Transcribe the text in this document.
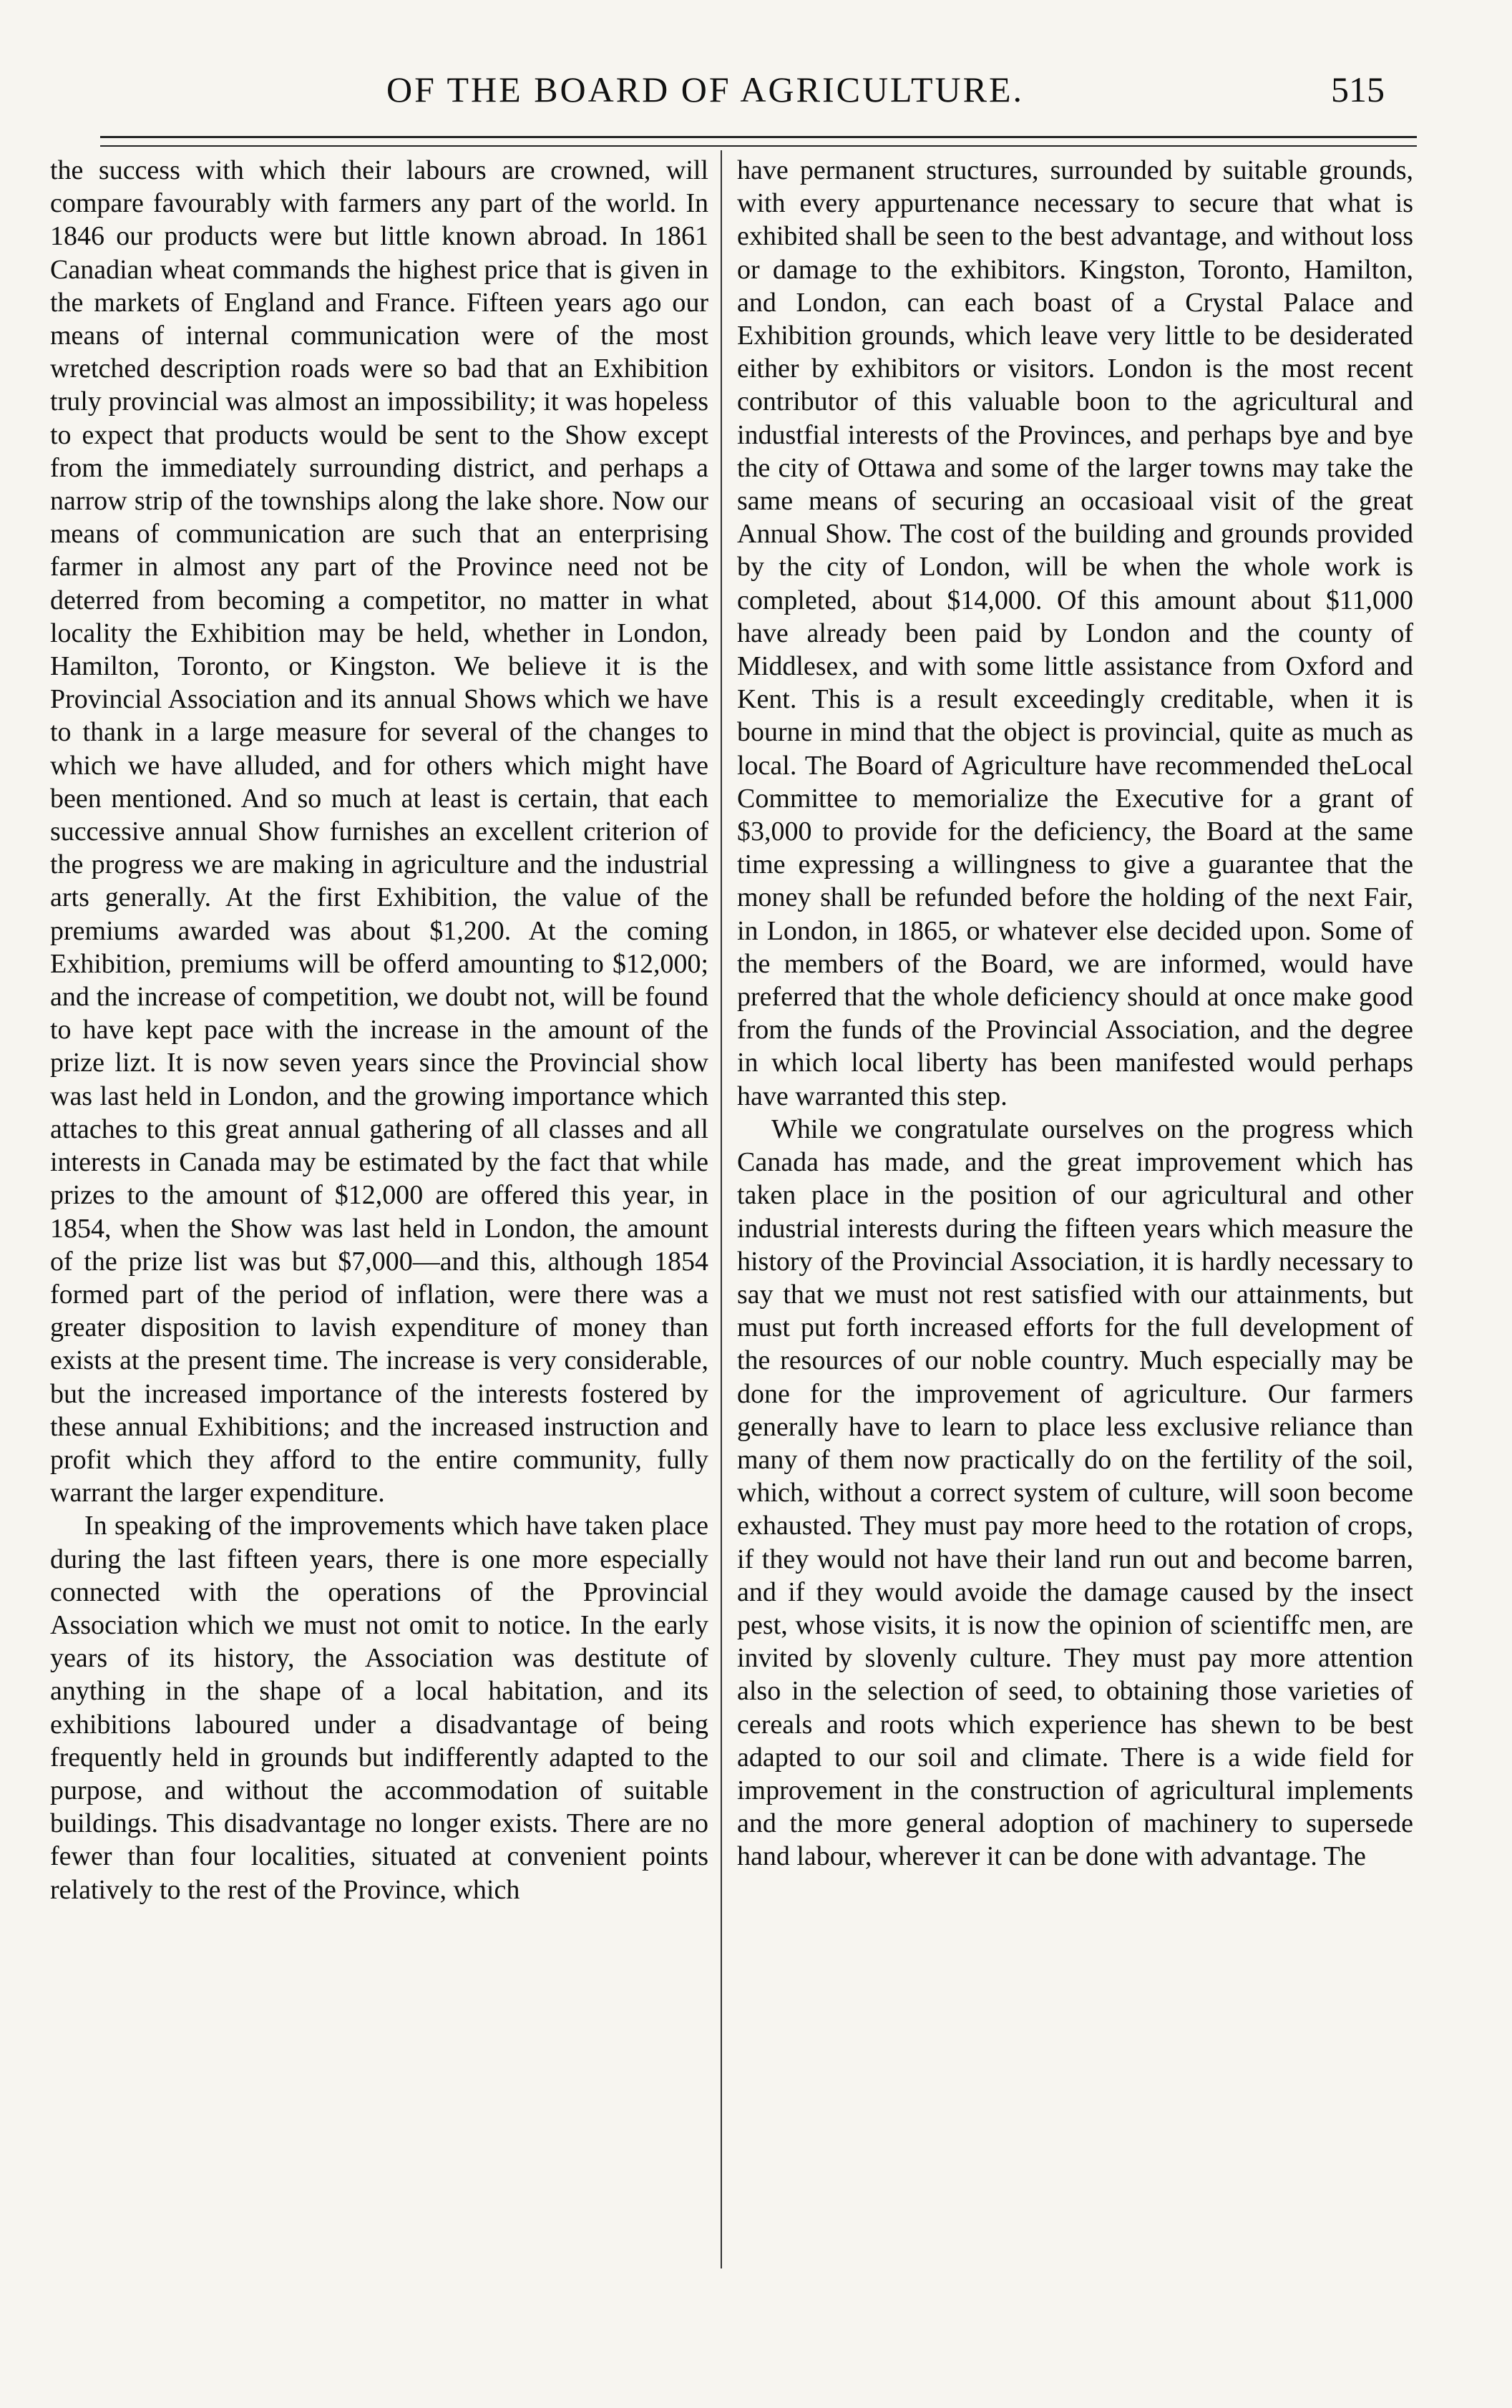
OF THE BOARD OF AGRICULTURE.	515

the success with which their labours are crowned, will compare favourably with farmers any part of the world. In 1846 our products were but little known abroad. In 1861 Canadian wheat commands the highest price that is given in the markets of England and France. Fifteen years ago our means of internal communication were of the most wretched description roads were so bad that an Exhibition truly provincial was almost an impossibility; it was hopeless to expect that products would be sent to the Show except from the immediately surrounding district, and perhaps a narrow strip of the townships along the lake shore. Now our means of communication are such that an enterprising farmer in almost any part of the Province need not be deterred from becoming a competitor, no matter in what locality the Exhibition may be held, whether in London, Hamilton, Toronto, or Kingston. We believe it is the Provincial Association and its annual Shows which we have to thank in a large measure for several of the changes to which we have alluded, and for others which might have been mentioned. And so much at least is certain, that each successive annual Show furnishes an excellent criterion of the progress we are making in agriculture and the industrial arts generally. At the first Exhibition, the value of the premiums awarded was about $1,200. At the coming Exhibition, premiums will be offerd amounting to $12,000; and the increase of competition, we doubt not, will be found to have kept pace with the increase in the amount of the prize lizt. It is now seven years since the Provincial show was last held in London, and the growing importance which attaches to this great annual gathering of all classes and all interests in Canada may be estimated by the fact that while prizes to the amount of $12,000 are offered this year, in 1854, when the Show was last held in London, the amount of the prize list was but $7,000—and this, although 1854 formed part of the period of inflation, were there was a greater disposition to lavish expenditure of money than exists at the present time. The increase is very considerable, but the increased importance of the interests fostered by these annual Exhibitions; and the increased instruction and profit which they afford to the entire community, fully warrant the larger expenditure.

In speaking of the improvements which have taken place during the last fifteen years, there is one more especially connected with the operations of the Pprovincial Association which we must not omit to notice. In the early years of its history, the Association was destitute of anything in the shape of a local habitation, and its exhibitions laboured under a disadvantage of being frequently held in grounds but indifferently adapted to the purpose, and without the accommodation of suitable buildings. This disadvantage no longer exists. There are no fewer than four localities, situated at convenient points relatively to the rest of the Province, which

have permanent structures, surrounded by suitable grounds, with every appurtenance necessary to secure that what is exhibited shall be seen to the best advantage, and without loss or damage to the exhibitors. Kingston, Toronto, Hamilton, and London, can each boast of a Crystal Palace and Exhibition grounds, which leave very little to be desiderated either by exhibitors or visitors. London is the most recent contributor of this valuable boon to the agricultural and industfial interests of the Provinces, and perhaps bye and bye the city of Ottawa and some of the larger towns may take the same means of securing an occasioaal visit of the great Annual Show. The cost of the building and grounds provided by the city of London, will be when the whole work is completed, about $14,000. Of this amount about $11,000 have already been paid by London and the county of Middlesex, and with some little assistance from Oxford and Kent. This is a result exceedingly creditable, when it is bourne in mind that the object is provincial, quite as much as local. The Board of Agriculture have recommended theLocal Committee to memorialize the Executive for a grant of $3,000 to provide for the deficiency, the Board at the same time expressing a willingness to give a guarantee that the money shall be refunded before the holding of the next Fair, in London, in 1865, or whatever else decided upon. Some of the members of the Board, we are informed, would have preferred that the whole deficiency should at once make good from the funds of the Provincial Association, and the degree in which local liberty has been manifested would perhaps have warranted this step.

While we congratulate ourselves on the progress which Canada has made, and the great improvement which has taken place in the position of our agricultural and other industrial interests during the fifteen years which measure the history of the Provincial Association, it is hardly necessary to say that we must not rest satisfied with our attainments, but must put forth increased efforts for the full development of the resources of our noble country. Much especially may be done for the improvement of agriculture. Our farmers generally have to learn to place less exclusive reliance than many of them now practically do on the fertility of the soil, which, without a correct system of culture, will soon become exhausted. They must pay more heed to the rotation of crops, if they would not have their land run out and become barren, and if they would avoide the damage caused by the insect pest, whose visits, it is now the opinion of scientiffc men, are invited by slovenly culture. They must pay more attention also in the selection of seed, to obtaining those varieties of cereals and roots which experience has shewn to be best adapted to our soil and climate. There is a wide field for improvement in the construction of agricultural implements and the more general adoption of machinery to supersede hand labour, wherever it can be done with advantage. The
